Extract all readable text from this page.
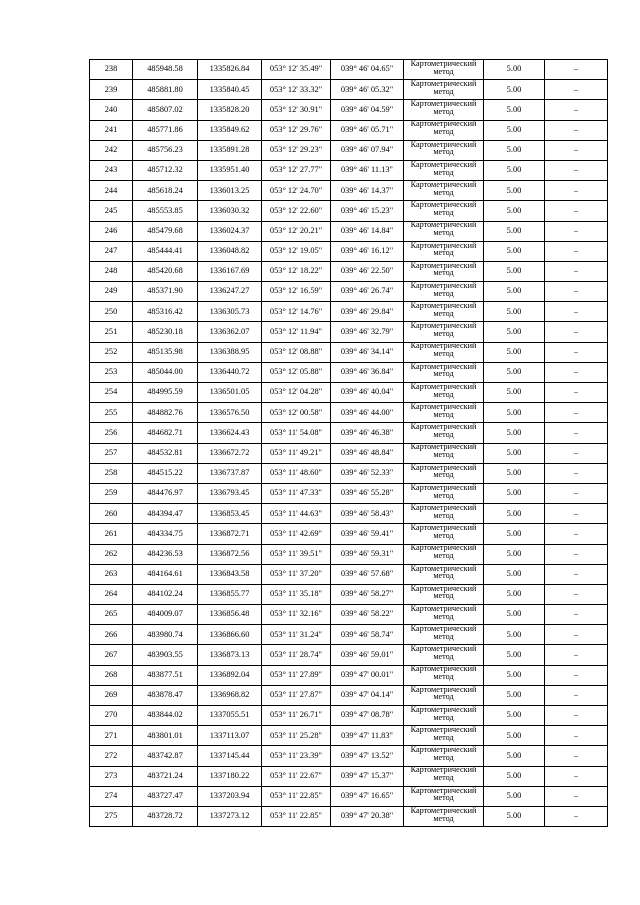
238	485948.58	1335826.84	053° 12' 35.49"	039° 46' 04.65"	Картометрический
метод	5.00	–
239	485881.80	1335840.45	053° 12' 33.32"	039° 46' 05.32"	Картометрический
метод	5.00	–
240	485807.02	1335828.20	053° 12' 30.91"	039° 46' 04.59"	Картометрический
метод	5.00	–
241	485771.86	1335849.62	053° 12' 29.76"	039° 46' 05.71"	Картометрический
метод	5.00	–
242	485756.23	1335891.28	053° 12' 29.23"	039° 46' 07.94"	Картометрический
метод	5.00	–
243	485712.32	1335951.40	053° 12' 27.77"	039° 46' 11.13"	Картометрический
метод	5.00	–
244	485618.24	1336013.25	053° 12' 24.70"	039° 46' 14.37"	Картометрический
метод	5.00	–
245	485553.85	1336030.32	053° 12' 22.60"	039° 46' 15.23"	Картометрический
метод	5.00	–
246	485479.68	1336024.37	053° 12' 20.21"	039° 46' 14.84"	Картометрический
метод	5.00	–
247	485444.41	1336048.82	053° 12' 19.05"	039° 46' 16.12"	Картометрический
метод	5.00	–
248	485420.68	1336167.69	053° 12' 18.22"	039° 46' 22.50"	Картометрический
метод	5.00	–
249	485371.90	1336247.27	053° 12' 16.59"	039° 46' 26.74"	Картометрический
метод	5.00	–
250	485316.42	1336305.73	053° 12' 14.76"	039° 46' 29.84"	Картометрический
метод	5.00	–
251	485230.18	1336362.07	053° 12' 11.94"	039° 46' 32.79"	Картометрический
метод	5.00	–
252	485135.98	1336388.95	053° 12' 08.88"	039° 46' 34.14"	Картометрический
метод	5.00	–
253	485044.00	1336440.72	053° 12' 05.88"	039° 46' 36.84"	Картометрический
метод	5.00	–
254	484995.59	1336501.05	053° 12' 04.28"	039° 46' 40.04"	Картометрический
метод	5.00	–
255	484882.76	1336576.50	053° 12' 00.58"	039° 46' 44.00"	Картометрический
метод	5.00	–
256	484682.71	1336624.43	053° 11' 54.08"	039° 46' 46.38"	Картометрический
метод	5.00	–
257	484532.81	1336672.72	053° 11' 49.21"	039° 46' 48.84"	Картометрический
метод	5.00	–
258	484515.22	1336737.87	053° 11' 48.60"	039° 46' 52.33"	Картометрический
метод	5.00	–
259	484476.97	1336793.45	053° 11' 47.33"	039° 46' 55.28"	Картометрический
метод	5.00	–
260	484394.47	1336853.45	053° 11' 44.63"	039° 46' 58.43"	Картометрический
метод	5.00	–
261	484334.75	1336872.71	053° 11' 42.69"	039° 46' 59.41"	Картометрический
метод	5.00	–
262	484236.53	1336872.56	053° 11' 39.51"	039° 46' 59.31"	Картометрический
метод	5.00	–
263	484164.61	1336843.58	053° 11' 37.20"	039° 46' 57.68"	Картометрический
метод	5.00	–
264	484102.24	1336855.77	053° 11' 35.18"	039° 46' 58.27"	Картометрический
метод	5.00	–
265	484009.07	1336856.48	053° 11' 32.16"	039° 46' 58.22"	Картометрический
метод	5.00	–
266	483980.74	1336866.60	053° 11' 31.24"	039° 46' 58.74"	Картометрический
метод	5.00	–
267	483903.55	1336873.13	053° 11' 28.74"	039° 46' 59.01"	Картометрический
метод	5.00	–
268	483877.51	1336892.04	053° 11' 27.89"	039° 47' 00.01"	Картометрический
метод	5.00	–
269	483878.47	1336968.82	053° 11' 27.87"	039° 47' 04.14"	Картометрический
метод	5.00	–
270	483844.02	1337055.51	053° 11' 26.71"	039° 47' 08.78"	Картометрический
метод	5.00	–
271	483801.01	1337113.07	053° 11' 25.28"	039° 47' 11.83"	Картометрический
метод	5.00	–
272	483742.87	1337145.44	053° 11' 23.39"	039° 47' 13.52"	Картометрический
метод	5.00	–
273	483721.24	1337180.22	053° 11' 22.67"	039° 47' 15.37"	Картометрический
метод	5.00	–
274	483727.47	1337203.94	053° 11' 22.85"	039° 47' 16.65"	Картометрический
метод	5.00	–
275	483728.72	1337273.12	053° 11' 22.85"	039° 47' 20.38"	Картометрический
метод	5.00	–
